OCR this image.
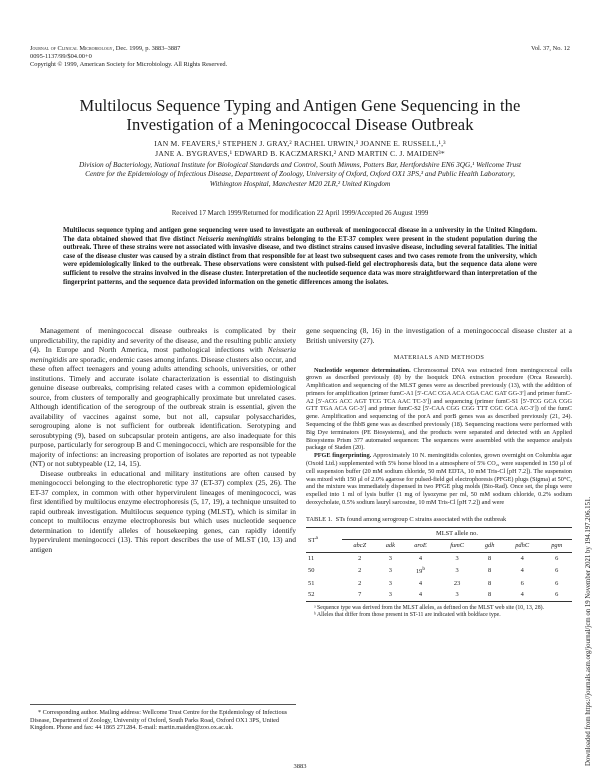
Journal of Clinical Microbiology, Dec. 1999, p. 3883–3887
0095-1137/99/$04.00+0
Copyright © 1999, American Society for Microbiology. All Rights Reserved.
Vol. 37, No. 12
Multilocus Sequence Typing and Antigen Gene Sequencing in the Investigation of a Meningococcal Disease Outbreak
IAN M. FEAVERS,¹ STEPHEN J. GRAY,² RACHEL URWIN,³ JOANNE E. RUSSELL,¹,³
JANE A. BYGRAVES,¹ EDWARD B. KACZMARSKI,² AND MARTIN C. J. MAIDEN³*
Division of Bacteriology, National Institute for Biological Standards and Control, South Mimms, Potters Bar, Hertfordshire EN6 3QG,¹ Wellcome Trust Centre for the Epidemiology of Infectious Disease, Department of Zoology, University of Oxford, Oxford OX1 3PS,³ and Public Health Laboratory, Withington Hospital, Manchester M20 2LR,² United Kingdom
Received 17 March 1999/Returned for modification 22 April 1999/Accepted 26 August 1999
Multilocus sequence typing and antigen gene sequencing were used to investigate an outbreak of meningococcal disease in a university in the United Kingdom. The data obtained showed that five distinct Neisseria meningitidis strains belonging to the ET-37 complex were present in the student population during the outbreak. Three of these strains were not associated with invasive disease, and two distinct strains caused invasive disease, including several fatalities. The initial case of the disease cluster was caused by a strain distinct from that responsible for at least two subsequent cases and two cases remote from the university, which were epidemiologically linked to the outbreak. These observations were consistent with pulsed-field gel electrophoresis data, but the sequence data alone were sufficient to resolve the strains involved in the disease cluster. Interpretation of the nucleotide sequence data was more straightforward than interpretation of the fingerprint patterns, and the sequence data provided information on the genetic differences among the isolates.

Management of meningococcal disease outbreaks is complicated by their unpredictability, the rapidity and severity of the disease, and the resulting public anxiety (4). In Europe and North America, most pathological infections with Neisseria meningitidis are sporadic, endemic cases among infants. Disease clusters also occur, and these often affect teenagers and young adults attending schools, universities, or other institutions. Timely and accurate isolate characterization is essential to distinguish genuine disease outbreaks, comprising related cases with a common epidemiological source, from clusters of temporally and geographically proximate but unrelated cases. Although identification of the serogroup of the outbreak strain is essential, given the availability of vaccines against some, but not all, capsular polysaccharides, serogrouping alone is not sufficient for outbreak identification. Serotyping and serosubtyping (9), based on subcapsular protein antigens, are also inadequate for this purpose, particularly for serogroup B and C meningococci, which are responsible for the majority of infections: an increasing proportion of isolates are reported as not typeable (NT) or not subtypeable (12, 14, 15).

Disease outbreaks in educational and military institutions are often caused by meningococci belonging to the electrophoretic type 37 (ET-37) complex (25, 26). The ET-37 complex, in common with other hypervirulent lineages of meningococci, was first identified by multilocus enzyme electrophoresis (5, 17, 19), a technique unsuited to rapid outbreak investigation. Multilocus sequence typing (MLST), which is similar in concept to multilocus enzyme electrophoresis but which uses nucleotide sequence determination to identify alleles of housekeeping genes, can rapidly identify hypervirulent meningococci (13). This report describes the use of MLST (10, 13) and antigen

* Corresponding author. Mailing address: Wellcome Trust Centre for the Epidemiology of Infectious Disease, Department of Zoology, University of Oxford, South Parks Road, Oxford OX1 3PS, United Kingdom. Phone and fax: 44 1865 271284. E-mail: martin.maiden@zoo.ox.ac.uk.

gene sequencing (8, 16) in the investigation of a meningococcal disease cluster at a British university (27).
MATERIALS AND METHODS

Nucleotide sequence determination. Chromosomal DNA was extracted from meningococcal cells grown as described previously (8) by the Isoquick DNA extraction procedure (Orca Research). Amplification and sequencing of the MLST genes were as described previously (13), with the addition of primers for amplification (primer fumC-A1 [5′-CAC CGA ACA CGA CAC GAT GG-3′] and primer fumC-A2 [5′-ACG ACC AGT TCG TCA AAC TC-3′]) and sequencing (primer fumC-S1 [5′-TCG GCA CGG GTT TGA ACA GC-3′] and primer fumC-S2 [5′-CAA CGG CGG TTT CGC GCA AC-3′]) of the fumC gene. Amplification and sequencing of the porA and porB genes was as described previously (21, 24). Sequencing of the fhbB gene was as described previously (18). Sequencing reactions were performed with Big Dye terminators (PE Biosystems), and the products were separated and detected with an Applied Biosystems Prism 377 automated sequencer. The sequences were assembled with the sequence analysis package of Staden (20).

PFGE fingerprinting. Approximately 10 N. meningitidis colonies, grown overnight on Columbia agar (Oxoid Ltd.) supplemented with 5% horse blood in a atmosphere of 5% CO₂, were suspended in 150 μl of cell suspension buffer (20 mM sodium chloride, 50 mM EDTA, 10 mM Tris-Cl [pH 7.2]). The suspension was mixed with 150 μl of 2.0% agarose for pulsed-field gel electrophoresis (PFGE) plugs (Sigma) at 50°C, and the mixture was immediately dispensed in two PFGE plug molds (Bio-Rad). Once set, the plugs were expelled into 1 ml of lysis buffer (1 mg of lysozyme per ml, 50 mM sodium chloride, 0.2% sodium deoxycholate, 0.5% sodium lauryl sarcosine, 10 mM Tris-Cl [pH 7.2]) and were

TABLE 1. STs found among serogroup C strains associated with the outbreak
$ST^a$	MLST allele no.						
	abcZ	adk	aroE	fumC	gdh	pdhC	pgm
11	2	3	4	3	8	4	6
50	2	3	19$^b$	3	8	4	6
51	2	3	4	23	8	6	6
52	7	3	4	3	8	4	6

ᵃ Sequence type was derived from the MLST alleles, as defined on the MLST web site (10, 13, 28).

ᵇ Alleles that differ from those present in ST-11 are indicated with boldface type.

3883
Downloaded from https://journals.asm.org/journal/jcm on 19 November 2021 by 194.197.206.151.
